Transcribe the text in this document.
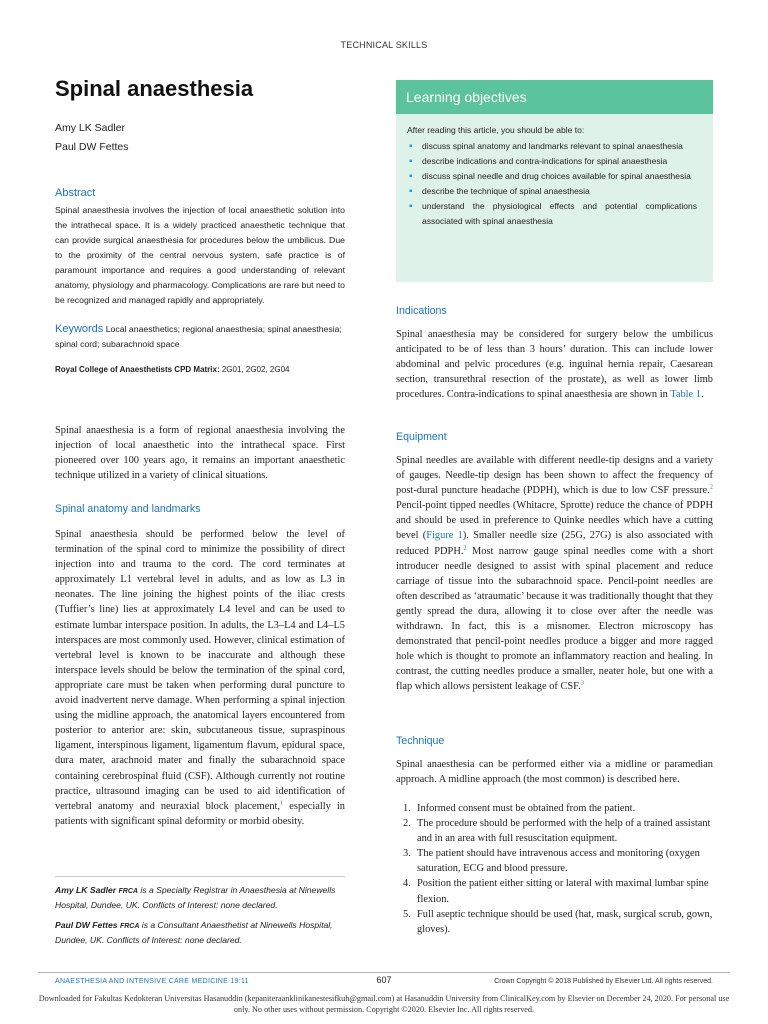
TECHNICAL SKILLS
Spinal anaesthesia
Amy LK Sadler
Paul DW Fettes
Abstract
Spinal anaesthesia involves the injection of local anaesthetic solution into the intrathecal space. It is a widely practiced anaesthetic technique that can provide surgical anaesthesia for procedures below the umbilicus. Due to the proximity of the central nervous system, safe practice is of paramount importance and requires a good understanding of relevant anatomy, physiology and pharmacology. Complications are rare but need to be recognized and managed rapidly and appropriately.
Keywords Local anaesthetics; regional anaesthesia; spinal anaesthesia; spinal cord; subarachnoid space
Royal College of Anaesthetists CPD Matrix: 2G01, 2G02, 2G04
Spinal anaesthesia is a form of regional anaesthesia involving the injection of local anaesthetic into the intrathecal space. First pioneered over 100 years ago, it remains an important anaesthetic technique utilized in a variety of clinical situations.
Spinal anatomy and landmarks
Spinal anaesthesia should be performed below the level of termination of the spinal cord to minimize the possibility of direct injection into and trauma to the cord. The cord terminates at approximately L1 vertebral level in adults, and as low as L3 in neonates. The line joining the highest points of the iliac crests (Tuffier’s line) lies at approximately L4 level and can be used to estimate lumbar interspace position. In adults, the L3–L4 and L4–L5 interspaces are most commonly used. However, clinical estimation of vertebral level is known to be inaccurate and although these interspace levels should be below the termination of the spinal cord, appropriate care must be taken when performing dural puncture to avoid inadvertent nerve damage. When performing a spinal injection using the midline approach, the anatomical layers encountered from posterior to anterior are: skin, subcutaneous tissue, supraspinous ligament, interspinous ligament, ligamentum flavum, epidural space, dura mater, arachnoid mater and finally the subarachnoid space containing cerebrospinal fluid (CSF). Although currently not routine practice, ultrasound imaging can be used to aid identification of vertebral anatomy and neuraxial block placement,$^1$ especially in patients with significant spinal deformity or morbid obesity.

Amy LK Sadler FRCA is a Specialty Registrar in Anaesthesia at Ninewells Hospital, Dundee, UK. Conflicts of Interest: none declared.

Paul DW Fettes FRCA is a Consultant Anaesthetist at Ninewells Hospital, Dundee, UK. Conflicts of Interest: none declared.

Learning objectives
After reading this article, you should be able to:
▪ discuss spinal anatomy and landmarks relevant to spinal anaesthesia
▪ describe indications and contra-indications for spinal anaesthesia
▪ discuss spinal needle and drug choices available for spinal anaesthesia
▪ describe the technique of spinal anaesthesia
▪ understand the physiological effects and potential complications associated with spinal anaesthesia
Indications
Spinal anaesthesia may be considered for surgery below the umbilicus anticipated to be of less than 3 hours’ duration. This can include lower abdominal and pelvic procedures (e.g. inguinal hernia repair, Caesarean section, transurethral resection of the prostate), as well as lower limb procedures. Contra-indications to spinal anaesthesia are shown in Table 1.
Equipment
Spinal needles are available with different needle-tip designs and a variety of gauges. Needle-tip design has been shown to affect the frequency of post-dural puncture headache (PDPH), which is due to low CSF pressure.$^2$ Pencil-point tipped needles (Whitacre, Sprotte) reduce the chance of PDPH and should be used in preference to Quinke needles which have a cutting bevel (Figure 1). Smaller needle size (25G, 27G) is also associated with reduced PDPH.$^2$ Most narrow gauge spinal needles come with a short introducer needle designed to assist with spinal placement and reduce carriage of tissue into the subarachnoid space. Pencil-point needles are often described as ‘atraumatic’ because it was traditionally thought that they gently spread the dura, allowing it to close over after the needle was withdrawn. In fact, this is a misnomer. Electron microscopy has demonstrated that pencil-point needles produce a bigger and more ragged hole which is thought to promote an inflammatory reaction and healing. In contrast, the cutting needles produce a smaller, neater hole, but one with a flap which allows persistent leakage of CSF.$^3$
Technique
Spinal anaesthesia can be performed either via a midline or paramedian approach. A midline approach (the most common) is described here.
1. Informed consent must be obtained from the patient.
2. The procedure should be performed with the help of a trained assistant and in an area with full resuscitation equipment.
3. The patient should have intravenous access and monitoring (oxygen saturation, ECG and blood pressure.
4. Position the patient either sitting or lateral with maximal lumbar spine flexion.
5. Full aseptic technique should be used (hat, mask, surgical scrub, gown, gloves).
ANAESTHESIA AND INTENSIVE CARE MEDICINE 19:11	607	Crown Copyright © 2018 Published by Elsevier Ltd. All rights reserved.
Downloaded for Fakultas Kedokteran Universitas Hasanuddin (kepaniteraanklinikanestesifkuh@gmail.com) at Hasanuddin University from ClinicalKey.com by Elsevier on December 24, 2020. For personal use only. No other uses without permission. Copyright ©2020. Elsevier Inc. All rights reserved.
